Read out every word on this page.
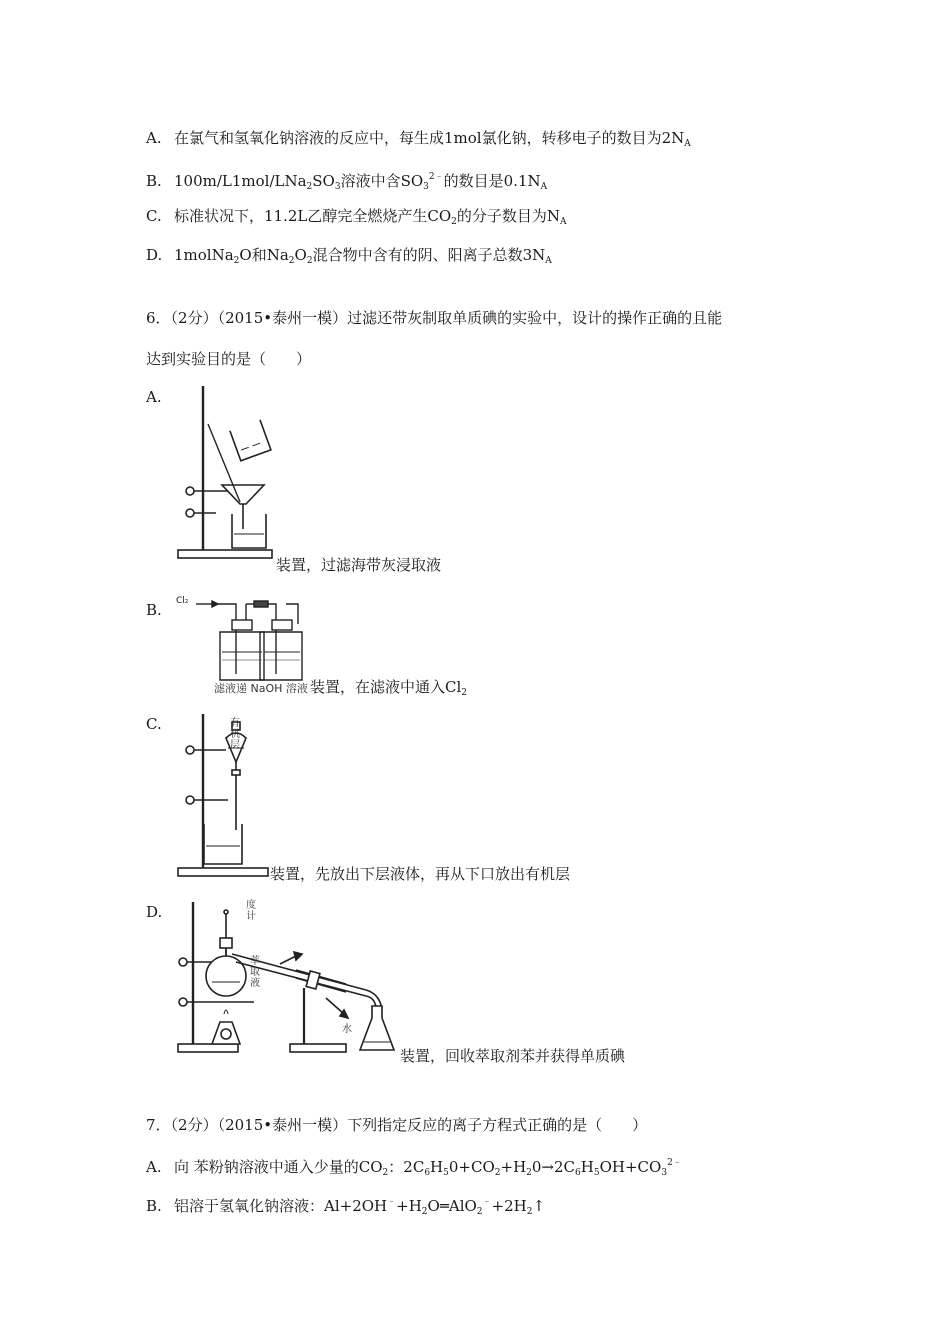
A. 在氯气和氢氧化钠溶液的反应中，每生成1mol氯化钠，转移电子的数目为$2N_A$
B. $100m/L1mol/LNa_2SO_3$溶液中含$SO_3^{2﹣}$的数目是$0.1N_A$
C. 标准状况下，11.2L乙醇完全燃烧产生$CO_2$的分子数目为$N_A$
D. 1molNa$_2$O和$Na_2O_2$混合物中含有的阴、阳离子总数$3N_A$
6．（2分）（2015•泰州一模）过滤还带灰制取单质碘的实验中，设计的操作正确的且能
达到实验目的是（　　）
A.
装置，过滤海带灰浸取液
B. Cl₂
滤液递 NaOH 溶液 装置，在滤液中通入$Cl_2$
C.	有机层
装置，先放出下层液体，再从下口放出有机层
D.	度计
萃取液
水
装置，回收萃取剂苯并获得单质碘
7．（2分）（2015•泰州一模）下列指定反应的离子方程式正确的是（　　）
A. 向 苯粉钠溶液中通入少量的$CO_2$：$2C_6H_50+CO_2+H_20\to 2C_6H_5OH+CO_3^{2﹣}$
B. 铝溶于氢氧化钠溶液：$Al+2OH^﹣+H_2O═AlO_2^﹣+2H_2↑$
